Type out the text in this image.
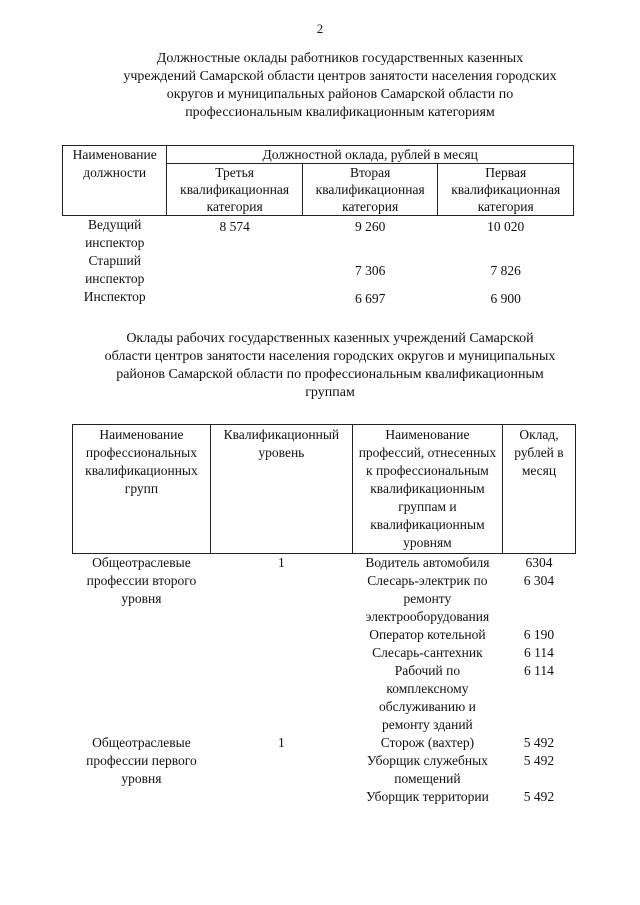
2
Должностные оклады работников государственных казенных
учреждений Самарской области центров занятости населения городских
округов и муниципальных районов Самарской области по
профессиональным квалификационным категориям
Наименование должности	Должностной оклада, рублей в месяц		
	Третья квалификационная категория	Вторая квалификационная категория	Первая квалификационная категория
Ведущий инспектор	8 574	9 260	10 020
Старший инспектор		7 306	7 826
Инспектор		6 697	6 900
Оклады рабочих государственных казенных учреждений Самарской
области центров занятости населения городских округов и муниципальных
районов Самарской области по профессиональным квалификационным
группам
Наименование профессиональных квалификационных групп	Квалификационный уровень	Наименование профессий, отнесенных к профессиональным квалификационным группам и квалификационным уровням	Оклад, рублей в месяц
Общеотраслевые профессии второго уровня	1	Водитель автомобиля	6304
		Слесарь-электрик по ремонту электрооборудования	6 304
		Оператор котельной	6 190
		Слесарь-сантехник	6 114
		Рабочий по комплексному обслуживанию и ремонту зданий	6 114
Общеотраслевые профессии первого уровня	1	Сторож (вахтер)	5 492
		Уборщик служебных помещений	5 492
		Уборщик территории	5 492
